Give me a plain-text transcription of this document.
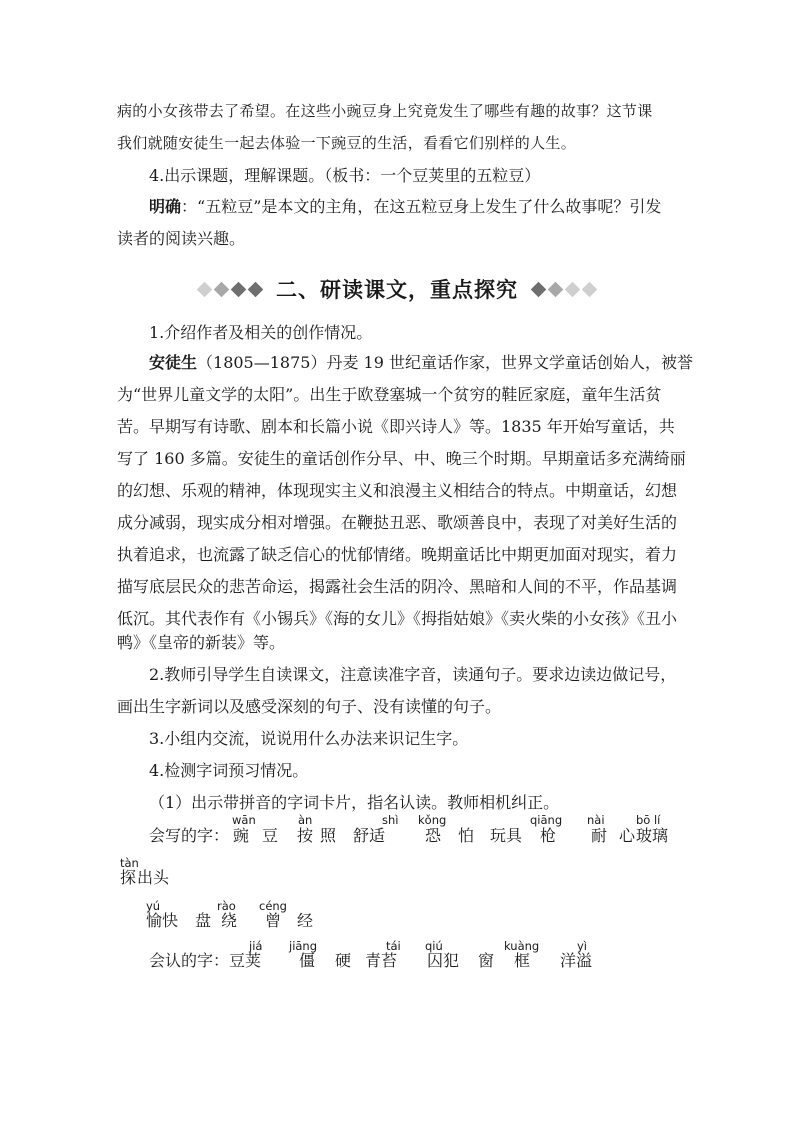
病的小女孩带去了希望。在这些小豌豆身上究竟发生了哪些有趣的故事？这节课
我们就随安徒生一起去体验一下豌豆的生活，看看它们别样的人生。
4.出示课题，理解课题。（板书：一个豆荚里的五粒豆）
明确：“五粒豆”是本文的主角，在这五粒豆身上发生了什么故事呢？引发
读者的阅读兴趣。
二、研读课文，重点探究
1.介绍作者及相关的创作情况。
安徒生（1805—1875）丹麦 19 世纪童话作家，世界文学童话创始人，被誉
为“世界儿童文学的太阳”。出生于欧登塞城一个贫穷的鞋匠家庭，童年生活贫
苦。早期写有诗歌、剧本和长篇小说《即兴诗人》等。1835 年开始写童话，共
写了 160 多篇。安徒生的童话创作分早、中、晚三个时期。早期童话多充满绮丽
的幻想、乐观的精神，体现现实主义和浪漫主义相结合的特点。中期童话，幻想
成分减弱，现实成分相对增强。在鞭挞丑恶、歌颂善良中，表现了对美好生活的
执着追求，也流露了缺乏信心的忧郁情绪。晚期童话比中期更加面对现实，着力
描写底层民众的悲苦命运，揭露社会生活的阴冷、黑暗和人间的不平，作品基调
低沉。其代表作有《小锡兵》《海的女儿》《拇指姑娘》《卖火柴的小女孩》《丑小
鸭》《皇帝的新装》等。
2.教师引导学生自读课文，注意读准字音，读通句子。要求边读边做记号，
画出生字新词以及感受深刻的句子、没有读懂的句子。
3.小组内交流，说说用什么办法来识记生字。
4.检测字词预习情况。
（1）出示带拼音的字词卡片，指名认读。教师相机纠正。
会写的字：
wān
豌 豆
àn
按 照
shì
舒适
kǒng
恐 怕 玩具
qiāng
枪
nài
耐 心
bō lí
玻璃
tàn
探 出头
yú
愉快 盘
rào
绕
céng
曾 经
会认的字：
jiá
豆荚
jiāng
僵 硬
tái
青苔
qiú
囚犯 窗
kuàng
框
yì
洋溢
